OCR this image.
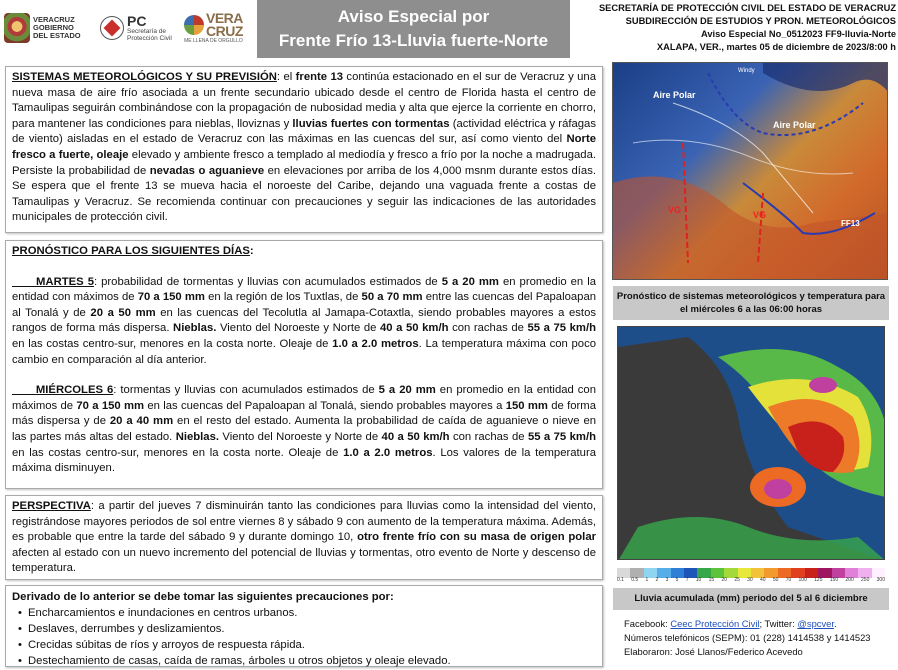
VERACRUZ
GOBIERNO
DEL ESTADO
PC
Secretaría de
Protección Civil
VERA
CRUZ
ME LLENA DE ORGULLO
Aviso Especial por
Frente Frío 13-Lluvia fuerte-Norte
SECRETARÍA DE PROTECCIÓN CIVIL DEL ESTADO DE VERACRUZ
SUBDIRECCIÓN DE ESTUDIOS Y PRON. METEOROLÓGICOS
Aviso Especial No_0512023 FF9-lluvia-Norte
XALAPA, VER., martes 05 de diciembre de 2023/8:00 h

SISTEMAS METEOROLÓGICOS Y SU PREVISIÓN: el frente 13 continúa estacionado en el sur de Veracruz y una nueva masa de aire frío asociada a un frente secundario ubicado desde el centro de Florida hasta el centro de Tamaulipas seguirán combinándose con la propagación de nubosidad media y alta que ejerce la corriente en chorro, para mantener las condiciones para nieblas, lloviznas y lluvias fuertes con tormentas (actividad eléctrica y ráfagas de viento) aisladas en el estado de Veracruz con las máximas en las cuencas del sur, así como viento del Norte fresco a fuerte, oleaje elevado y ambiente fresco a templado al mediodía y fresco a frío por la noche a madrugada. Persiste la probabilidad de nevadas o aguanieve en elevaciones por arriba de los 4,000 msnm durante estos días. Se espera que el frente 13 se mueva hacia el noroeste del Caribe, dejando una vaguada frente a costas de Tamaulipas y Veracruz. Se recomienda continuar con precauciones y seguir las indicaciones de las autoridades municipales de protección civil.

PRONÓSTICO PARA LOS SIGUIENTES DÍAS:

MARTES 5: probabilidad de tormentas y lluvias con acumulados estimados de 5 a 20 mm en promedio en la entidad con máximos de 70 a 150 mm en la región de los Tuxtlas, de 50 a 70 mm entre las cuencas del Papaloapan al Tonalá y de 20 a 50 mm en las cuencas del Tecolutla al Jamapa-Cotaxtla, siendo probables mayores a estos rangos de forma más dispersa. Nieblas. Viento del Noroeste y Norte de 40 a 50 km/h con rachas de 55 a 75 km/h en las costas centro-sur, menores en la costa norte. Oleaje de 1.0 a 2.0 metros. La temperatura máxima con poco cambio en comparación al día anterior.

MIÉRCOLES 6: tormentas y lluvias con acumulados estimados de 5 a 20 mm en promedio en la entidad con máximos de 70 a 150 mm en las cuencas del Papaloapan al Tonalá, siendo probables mayores a 150 mm de forma más dispersa y de 20 a 40 mm en el resto del estado. Aumenta la probabilidad de caída de aguanieve o nieve en las partes más altas del estado. Nieblas. Viento del Noroeste y Norte de 40 a 50 km/h con rachas de 55 a 75 km/h en las costas centro-sur, menores en la costa norte. Oleaje de 1.0 a 2.0 metros. Los valores de la temperatura máxima disminuyen.

PERSPECTIVA: a partir del jueves 7 disminuirán tanto las condiciones para lluvias como la intensidad del viento, registrándose mayores periodos de sol entre viernes 8 y sábado 9 con aumento de la temperatura máxima. Además, es probable que entre la tarde del sábado 9 y durante domingo 10, otro frente frío con su masa de origen polar afecten al estado con un nuevo incremento del potencial de lluvias y tormentas, otro evento de Norte y descenso de temperatura.

Derivado de lo anterior se debe tomar las siguientes precauciones por:

• Encharcamientos e inundaciones en centros urbanos.
• Deslaves, derrumbes y deslizamientos.
• Crecidas súbitas de ríos y arroyos de respuesta rápida.
• Destechamiento de casas, caída de ramas, árboles u otros objetos y oleaje elevado.
Aire Polar
Aire Polar
VG	VG
FF13
Windy
Pronóstico de sistemas meteorológicos y temperatura para el miércoles 6 a las 06:00 horas
0.1 0.5 1 2 3 5 7 10 15 20 25 30 40 50 70 100 125 150 200 250 300
Lluvia acumulada (mm) periodo del 5 al 6 diciembre
Facebook: Ceec Protección Civil; Twitter: @spcver.
Números telefónicos (SEPM): 01 (228) 1414538 y 1414523
Elaboraron: José Llanos/Federico Acevedo
